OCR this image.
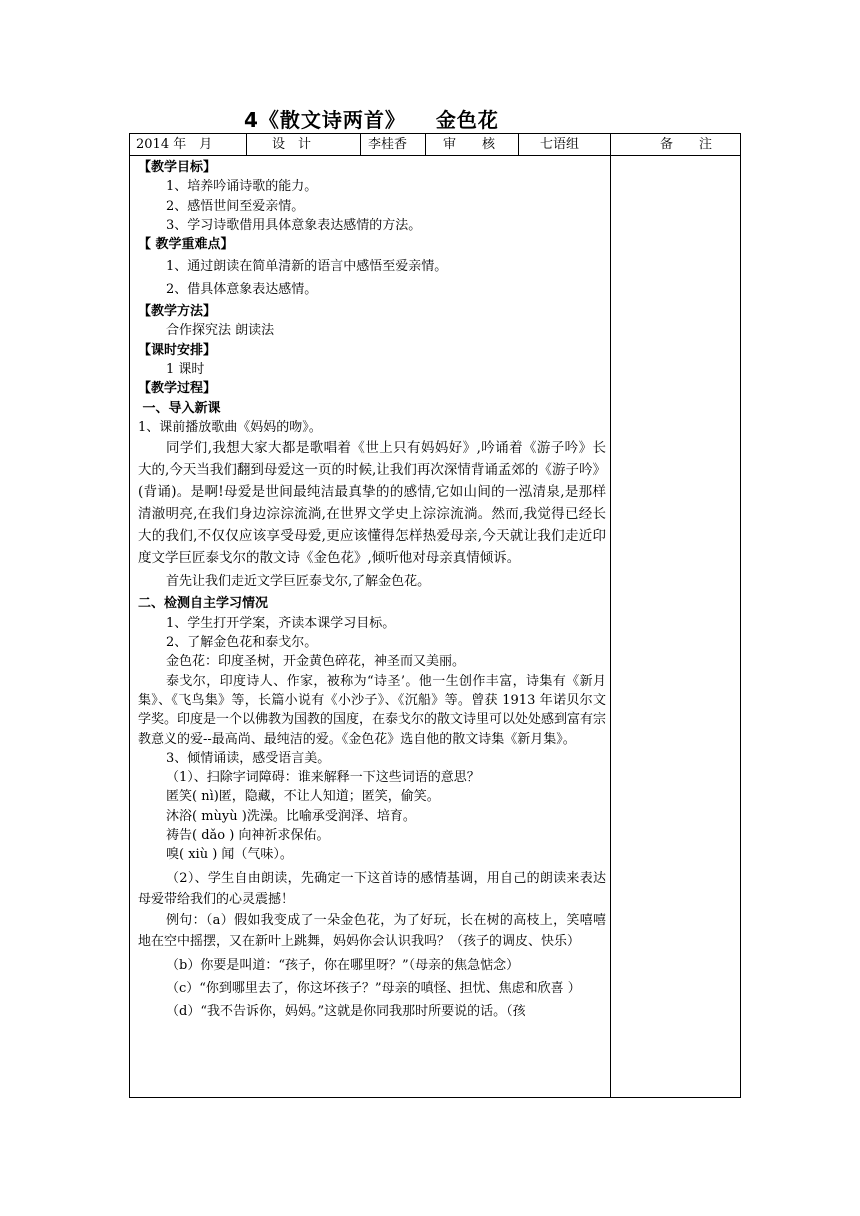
4《散文诗两首》 金色花
2014 年　月	设　计	李桂香	审　　核	七语组	备　　注

【教学目标】

1、培养吟诵诗歌的能力。

2、感悟世间至爱亲情。

3、学习诗歌借用具体意象表达感情的方法。

【 教学重难点】

1、通过朗读在简单清新的语言中感悟至爱亲情。

2、借具体意象表达感情。

【教学方法】

合作探究法 朗读法

【课时安排】

1 课时

【教学过程】

一、导入新课

1、课前播放歌曲《妈妈的吻》。

同学们,我想大家大都是歌唱着《世上只有妈妈好》,吟诵着《游子吟》长大的,今天当我们翻到母爱这一页的时候,让我们再次深情背诵孟郊的《游子吟》(背诵)。是啊!母爱是世间最纯洁最真挚的的感情,它如山间的一泓清泉,是那样清澈明亮,在我们身边淙淙流淌,在世界文学史上淙淙流淌。然而,我觉得已经长大的我们,不仅仅应该享受母爱,更应该懂得怎样热爱母亲,今天就让我们走近印度文学巨匠泰戈尔的散文诗《金色花》,倾听他对母亲真情倾诉。

首先让我们走近文学巨匠泰戈尔,了解金色花。

二、检测自主学习情况

1、学生打开学案，齐读本课学习目标。

2、了解金色花和泰戈尔。

金色花：印度圣树，开金黄色碎花，神圣而又美丽。

泰戈尔，印度诗人、作家，被称为“诗圣’。他一生创作丰富，诗集有《新月集》、《飞鸟集》等，长篇小说有《小沙子》、《沉船》等。曾获 1913 年诺贝尔文学奖。印度是一个以佛教为国教的国度，在泰戈尔的散文诗里可以处处感到富有宗教意义的爱--最高尚、最纯洁的爱。《金色花》选自他的散文诗集《新月集》。

3、倾情诵读，感受语言美。

（1）、扫除字词障碍：谁来解释一下这些词语的意思？

匿笑( nì)匿，隐藏，不让人知道；匿笑，偷笑。

沐浴( mùyù )洗澡。比喻承受润泽、培育。

祷告( dǎo ) 向神祈求保佑。

嗅( xiù ) 闻（气味）。

（2）、学生自由朗读，先确定一下这首诗的感情基调，用自己的朗读来表达母爱带给我们的心灵震撼！

例句：（a）假如我变成了一朵金色花，为了好玩，长在树的高枝上，笑嘻嘻地在空中摇摆，又在新叶上跳舞，妈妈你会认识我吗？（孩子的调皮、快乐）

（b）你要是叫道：“孩子，你在哪里呀？”（母亲的焦急惦念）

（c）“你到哪里去了，你这坏孩子？”母亲的嗔怪、担忧、焦虑和欣喜 ）

（d）“我不告诉你，妈妈。”这就是你同我那时所要说的话。（孩
